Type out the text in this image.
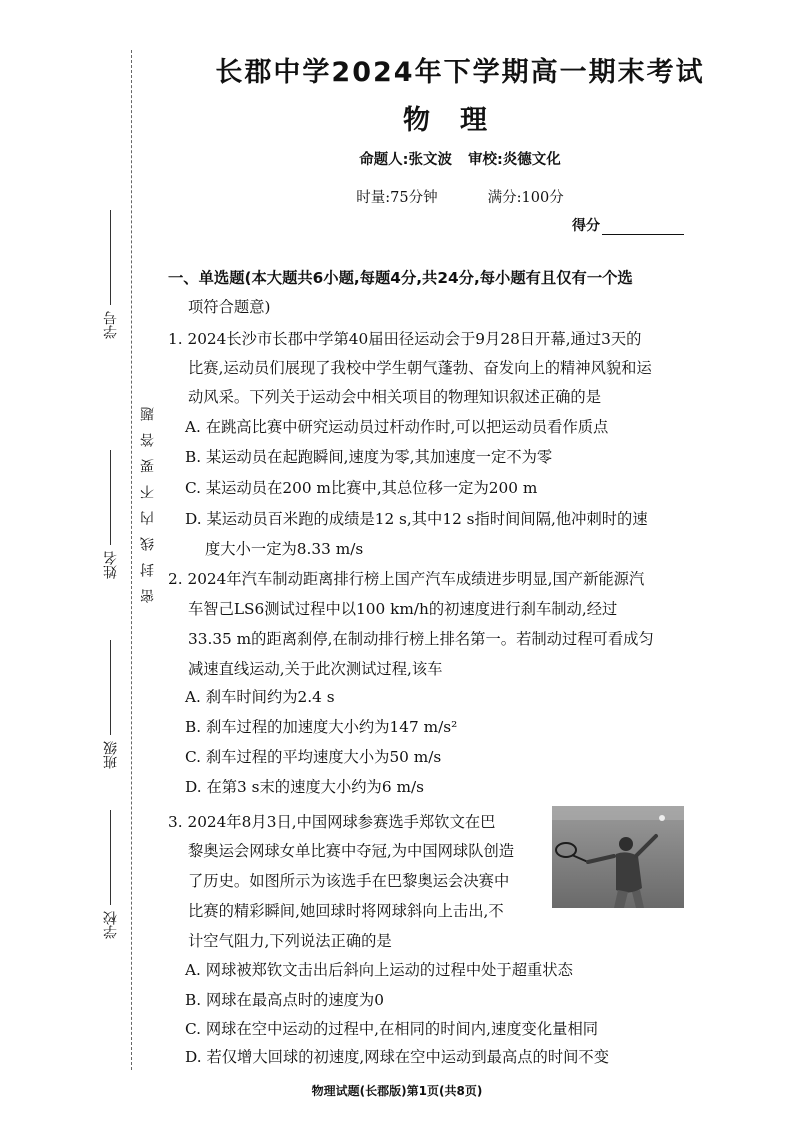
学号
姓名
班级
学校
密封线内不要答题
长郡中学2024年下学期高一期末考试
物理
命题人:张文波 审校:炎德文化
时量:75分钟	满分:100分
得分
一、单选题(本大题共6小题,每题4分,共24分,每小题有且仅有一个选
项符合题意)
1. 2024长沙市长郡中学第40届田径运动会于9月28日开幕,通过3天的
比赛,运动员们展现了我校中学生朝气蓬勃、奋发向上的精神风貌和运
动风采。下列关于运动会中相关项目的物理知识叙述正确的是
A. 在跳高比赛中研究运动员过杆动作时,可以把运动员看作质点
B. 某运动员在起跑瞬间,速度为零,其加速度一定不为零
C. 某运动员在200 m比赛中,其总位移一定为200 m
D. 某运动员百米跑的成绩是12 s,其中12 s指时间间隔,他冲刺时的速
度大小一定为8.33 m/s
2. 2024年汽车制动距离排行榜上国产汽车成绩进步明显,国产新能源汽
车智己LS6测试过程中以100 km/h的初速度进行刹车制动,经过
33.35 m的距离刹停,在制动排行榜上排名第一。若制动过程可看成匀
减速直线运动,关于此次测试过程,该车
A. 刹车时间约为2.4 s
B. 刹车过程的加速度大小约为147 m/s²
C. 刹车过程的平均速度大小为50 m/s
D. 在第3 s末的速度大小约为6 m/s
3. 2024年8月3日,中国网球参赛选手郑钦文在巴
黎奥运会网球女单比赛中夺冠,为中国网球队创造
了历史。如图所示为该选手在巴黎奥运会决赛中
比赛的精彩瞬间,她回球时将网球斜向上击出,不
计空气阻力,下列说法正确的是
A. 网球被郑钦文击出后斜向上运动的过程中处于超重状态
B. 网球在最高点时的速度为0
C. 网球在空中运动的过程中,在相同的时间内,速度变化量相同
D. 若仅增大回球的初速度,网球在空中运动到最高点的时间不变
物理试题(长郡版)第1页(共8页)
